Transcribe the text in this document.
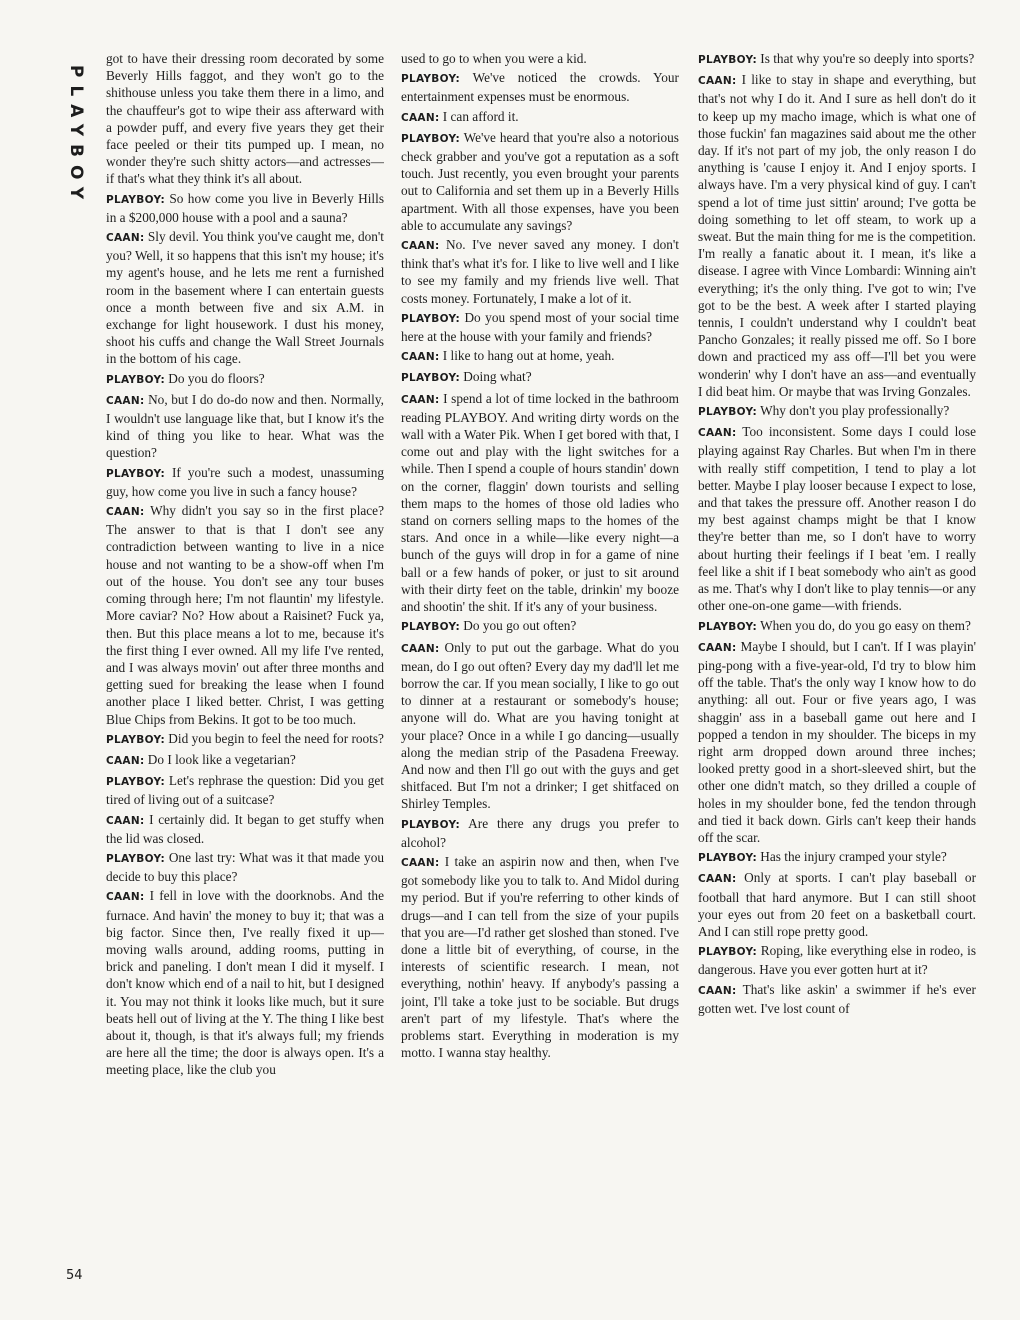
PLAYBOY

got to have their dressing room decorated by some Beverly Hills faggot, and they won't go to the shithouse unless you take them there in a limo, and the chauffeur's got to wipe their ass afterward with a powder puff, and every five years they get their face peeled or their tits pumped up. I mean, no wonder they're such shitty actors—and actresses—if that's what they think it's all about.

PLAYBOY: So how come you live in Beverly Hills in a $200,000 house with a pool and a sauna?

CAAN: Sly devil. You think you've caught me, don't you? Well, it so happens that this isn't my house; it's my agent's house, and he lets me rent a furnished room in the basement where I can entertain guests once a month between five and six A.M. in exchange for light housework. I dust his money, shoot his cuffs and change the Wall Street Journals in the bottom of his cage.

PLAYBOY: Do you do floors?

CAAN: No, but I do do-do now and then. Normally, I wouldn't use language like that, but I know it's the kind of thing you like to hear. What was the question?

PLAYBOY: If you're such a modest, unassuming guy, how come you live in such a fancy house?

CAAN: Why didn't you say so in the first place? The answer to that is that I don't see any contradiction between wanting to live in a nice house and not wanting to be a show-off when I'm out of the house. You don't see any tour buses coming through here; I'm not flauntin' my lifestyle. More caviar? No? How about a Raisinet? Fuck ya, then. But this place means a lot to me, because it's the first thing I ever owned. All my life I've rented, and I was always movin' out after three months and getting sued for breaking the lease when I found another place I liked better. Christ, I was getting Blue Chips from Bekins. It got to be too much.

PLAYBOY: Did you begin to feel the need for roots?

CAAN: Do I look like a vegetarian?

PLAYBOY: Let's rephrase the question: Did you get tired of living out of a suitcase?

CAAN: I certainly did. It began to get stuffy when the lid was closed.

PLAYBOY: One last try: What was it that made you decide to buy this place?

CAAN: I fell in love with the doorknobs. And the furnace. And havin' the money to buy it; that was a big factor. Since then, I've really fixed it up—moving walls around, adding rooms, putting in brick and paneling. I don't mean I did it myself. I don't know which end of a nail to hit, but I designed it. You may not think it looks like much, but it sure beats hell out of living at the Y. The thing I like best about it, though, is that it's always full; my friends are here all the time; the door is always open. It's a meeting place, like the club you

used to go to when you were a kid.

PLAYBOY: We've noticed the crowds. Your entertainment expenses must be enormous.

CAAN: I can afford it.

PLAYBOY: We've heard that you're also a notorious check grabber and you've got a reputation as a soft touch. Just recently, you even brought your parents out to California and set them up in a Beverly Hills apartment. With all those expenses, have you been able to accumulate any savings?

CAAN: No. I've never saved any money. I don't think that's what it's for. I like to live well and I like to see my family and my friends live well. That costs money. Fortunately, I make a lot of it.

PLAYBOY: Do you spend most of your social time here at the house with your family and friends?

CAAN: I like to hang out at home, yeah.

PLAYBOY: Doing what?

CAAN: I spend a lot of time locked in the bathroom reading PLAYBOY. And writing dirty words on the wall with a Water Pik. When I get bored with that, I come out and play with the light switches for a while. Then I spend a couple of hours standin' down on the corner, flaggin' down tourists and selling them maps to the homes of those old ladies who stand on corners selling maps to the homes of the stars. And once in a while—like every night—a bunch of the guys will drop in for a game of nine ball or a few hands of poker, or just to sit around with their dirty feet on the table, drinkin' my booze and shootin' the shit. If it's any of your business.

PLAYBOY: Do you go out often?

CAAN: Only to put out the garbage. What do you mean, do I go out often? Every day my dad'll let me borrow the car. If you mean socially, I like to go out to dinner at a restaurant or somebody's house; anyone will do. What are you having tonight at your place? Once in a while I go dancing—usually along the median strip of the Pasadena Freeway. And now and then I'll go out with the guys and get shitfaced. But I'm not a drinker; I get shitfaced on Shirley Temples.

PLAYBOY: Are there any drugs you prefer to alcohol?

CAAN: I take an aspirin now and then, when I've got somebody like you to talk to. And Midol during my period. But if you're referring to other kinds of drugs—and I can tell from the size of your pupils that you are—I'd rather get sloshed than stoned. I've done a little bit of everything, of course, in the interests of scientific research. I mean, not everything, nothin' heavy. If anybody's passing a joint, I'll take a toke just to be sociable. But drugs aren't part of my lifestyle. That's where the problems start. Everything in moderation is my motto. I wanna stay healthy.

PLAYBOY: Is that why you're so deeply into sports?

CAAN: I like to stay in shape and everything, but that's not why I do it. And I sure as hell don't do it to keep up my macho image, which is what one of those fuckin' fan magazines said about me the other day. If it's not part of my job, the only reason I do anything is 'cause I enjoy it. And I enjoy sports. I always have. I'm a very physical kind of guy. I can't spend a lot of time just sittin' around; I've gotta be doing something to let off steam, to work up a sweat. But the main thing for me is the competition. I'm really a fanatic about it. I mean, it's like a disease. I agree with Vince Lombardi: Winning ain't everything; it's the only thing. I've got to win; I've got to be the best. A week after I started playing tennis, I couldn't understand why I couldn't beat Pancho Gonzales; it really pissed me off. So I bore down and practiced my ass off—I'll bet you were wonderin' why I don't have an ass—and eventually I did beat him. Or maybe that was Irving Gonzales.

PLAYBOY: Why don't you play professionally?

CAAN: Too inconsistent. Some days I could lose playing against Ray Charles. But when I'm in there with really stiff competition, I tend to play a lot better. Maybe I play looser because I expect to lose, and that takes the pressure off. Another reason I do my best against champs might be that I know they're better than me, so I don't have to worry about hurting their feelings if I beat 'em. I really feel like a shit if I beat somebody who ain't as good as me. That's why I don't like to play tennis—or any other one-on-one game—with friends.

PLAYBOY: When you do, do you go easy on them?

CAAN: Maybe I should, but I can't. If I was playin' ping-pong with a five-year-old, I'd try to blow him off the table. That's the only way I know how to do anything: all out. Four or five years ago, I was shaggin' ass in a baseball game out here and I popped a tendon in my shoulder. The biceps in my right arm dropped down around three inches; looked pretty good in a short-sleeved shirt, but the other one didn't match, so they drilled a couple of holes in my shoulder bone, fed the tendon through and tied it back down. Girls can't keep their hands off the scar.

PLAYBOY: Has the injury cramped your style?

CAAN: Only at sports. I can't play baseball or football that hard anymore. But I can still shoot your eyes out from 20 feet on a basketball court. And I can still rope pretty good.

PLAYBOY: Roping, like everything else in rodeo, is dangerous. Have you ever gotten hurt at it?

CAAN: That's like askin' a swimmer if he's ever gotten wet. I've lost count of

54
